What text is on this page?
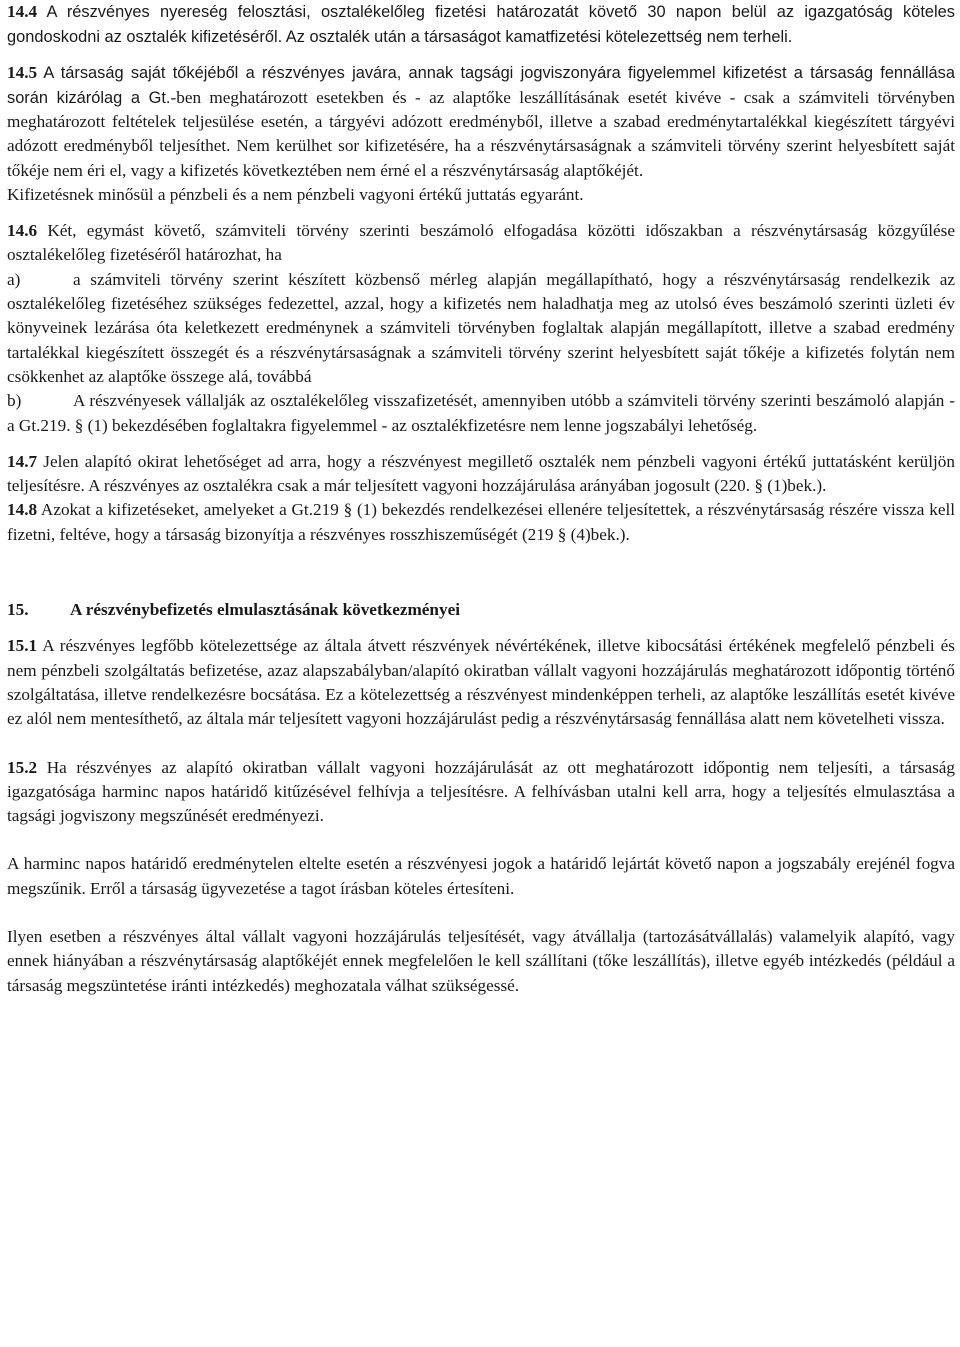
14.4 A részvényes nyereség felosztási, osztalékelőleg fizetési határozatát követő 30 napon belül az igazgatóság köteles gondoskodni az osztalék kifizetéséről. Az osztalék után a társaságot kamatfizetési kötelezettség nem terheli.

14.5 A társaság saját tőkéjéből a részvényes javára, annak tagsági jogviszonyára figyelemmel kifizetést a társaság fennállása során kizárólag a Gt.-ben meghatározott esetekben és - az alaptőke leszállításának esetét kivéve - csak a számviteli törvényben meghatározott feltételek teljesülése esetén, a tárgyévi adózott eredményből, illetve a szabad eredménytartalékkal kiegészített tárgyévi adózott eredményből teljesíthet. Nem kerülhet sor kifizetésére, ha a részvénytársaságnak a számviteli törvény szerint helyesbített saját tőkéje nem éri el, vagy a kifizetés következtében nem érné el a részvénytársaság alaptőkéjét.

Kifizetésnek minősül a pénzbeli és a nem pénzbeli vagyoni értékű juttatás egyaránt.

14.6 Két, egymást követő, számviteli törvény szerinti beszámoló elfogadása közötti időszakban a részvénytársaság közgyűlése osztalékelőleg fizetéséről határozhat, ha

a)	a számviteli törvény szerint készített közbenső mérleg alapján megállapítható, hogy a részvénytársaság rendelkezik az osztalékelőleg fizetéséhez szükséges fedezettel, azzal, hogy a kifizetés nem haladhatja meg az utolsó éves beszámoló szerinti üzleti év könyveinek lezárása óta keletkezett eredménynek a számviteli törvényben foglaltak alapján megállapított, illetve a szabad eredmény tartalékkal kiegészített összegét és a részvénytársaságnak a számviteli törvény szerint helyesbített saját tőkéje a kifizetés folytán nem csökkenhet az alaptőke összege alá, továbbá

b)	A részvényesek vállalják az osztalékelőleg visszafizetését, amennyiben utóbb a számviteli törvény szerinti beszámoló alapján - a Gt.219. § (1) bekezdésében foglaltakra figyelemmel - az osztalékfizetésre nem lenne jogszabályi lehetőség.

14.7 Jelen alapító okirat lehetőséget ad arra, hogy a részvényest megillető osztalék nem pénzbeli vagyoni értékű juttatásként kerüljön teljesítésre. A részvényes az osztalékra csak a már teljesített vagyoni hozzájárulása arányában jogosult (220. § (1)bek.).

14.8 Azokat a kifizetéseket, amelyeket a Gt.219 § (1) bekezdés rendelkezései ellenére teljesítettek, a részvénytársaság részére vissza kell fizetni, feltéve, hogy a társaság bizonyítja a részvényes rosszhiszeműségét (219 § (4)bek.).

15.	A részvénybefizetés elmulasztásának következményei

15.1 A részvényes legfőbb kötelezettsége az általa átvett részvények névértékének, illetve kibocsátási értékének megfelelő pénzbeli és nem pénzbeli szolgáltatás befizetése, azaz alapszabályban/alapító okiratban vállalt vagyoni hozzájárulás meghatározott időpontig történő szolgáltatása, illetve rendelkezésre bocsátása. Ez a kötelezettség a részvényest mindenképpen terheli, az alaptőke leszállítás esetét kivéve ez alól nem mentesíthető, az általa már teljesített vagyoni hozzájárulást pedig a részvénytársaság fennállása alatt nem követelheti vissza.

15.2 Ha részvényes az alapító okiratban vállalt vagyoni hozzájárulását az ott meghatározott időpontig nem teljesíti, a társaság igazgatósága harminc napos határidő kitűzésével felhívja a teljesítésre. A felhívásban utalni kell arra, hogy a teljesítés elmulasztása a tagsági jogviszony megszűnését eredményezi.

A harminc napos határidő eredménytelen eltelte esetén a részvényesi jogok a határidő lejártát követő napon a jogszabály erejénél fogva megszűnik. Erről a társaság ügyvezetése a tagot írásban köteles értesíteni.

Ilyen esetben a részvényes által vállalt vagyoni hozzájárulás teljesítését, vagy átvállalja (tartozásátvállalás) valamelyik alapító, vagy ennek hiányában a részvénytársaság alaptőkéjét ennek megfelelően le kell szállítani (tőke leszállítás), illetve egyéb intézkedés (például a társaság megszüntetése iránti intézkedés) meghozatala válhat szükségessé.
